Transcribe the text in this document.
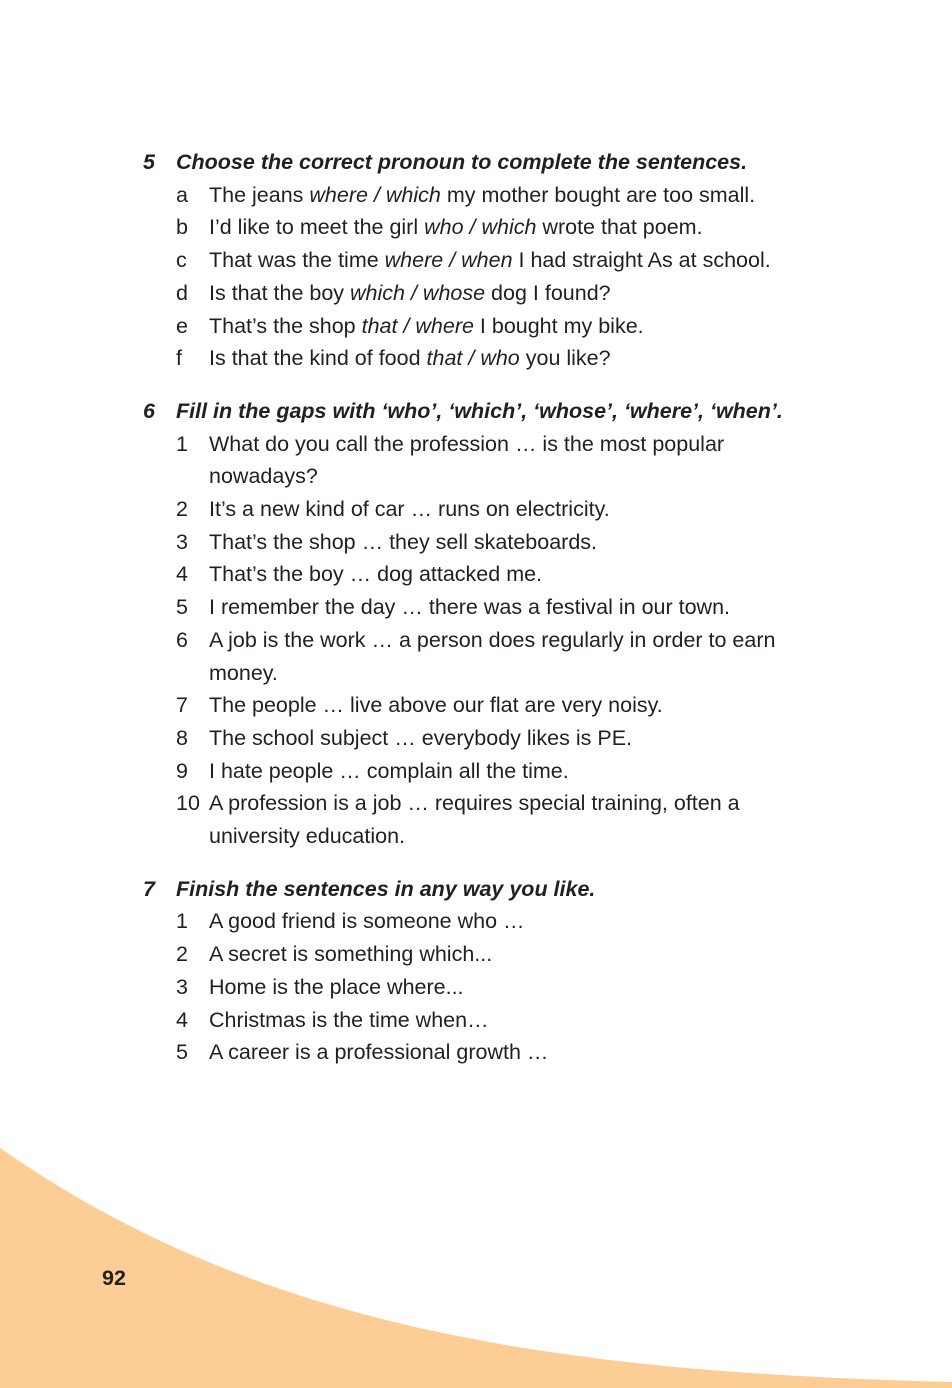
5 Choose the correct pronoun to complete the sentences.
a The jeans where / which my mother bought are too small.
b I’d like to meet the girl who / which wrote that poem.
c	That was the time where / when I had straight As at school.
d Is that the boy which / whose dog I found?
e That’s the shop that / where I bought my bike.
f	Is that the kind of food that / who you like?
6 Fill in the gaps with ‘who’, ‘which’, ‘whose’, ‘where’, ‘when’.
1 What do you call the profession … is the most popular
nowadays?
2 It’s a new kind of car … runs on electricity.
3 That’s the shop … they sell skateboards.
4 That’s the boy … dog attacked me.
5 I remember the day … there was a festival in our town.
6 A job is the work … a person does regularly in order to earn
money.
7 The people … live above our flat are very noisy.
8 The school subject … everybody likes is PE.
9 I hate people … complain all the time.
10 A profession is a job … requires special training, often a
university education.
7 Finish the sentences in any way you like.
1 A good friend is someone who …
2 A secret is something which...
3 Home is the place where...
4 Christmas is the time when…
5 A career is a professional growth …
92
